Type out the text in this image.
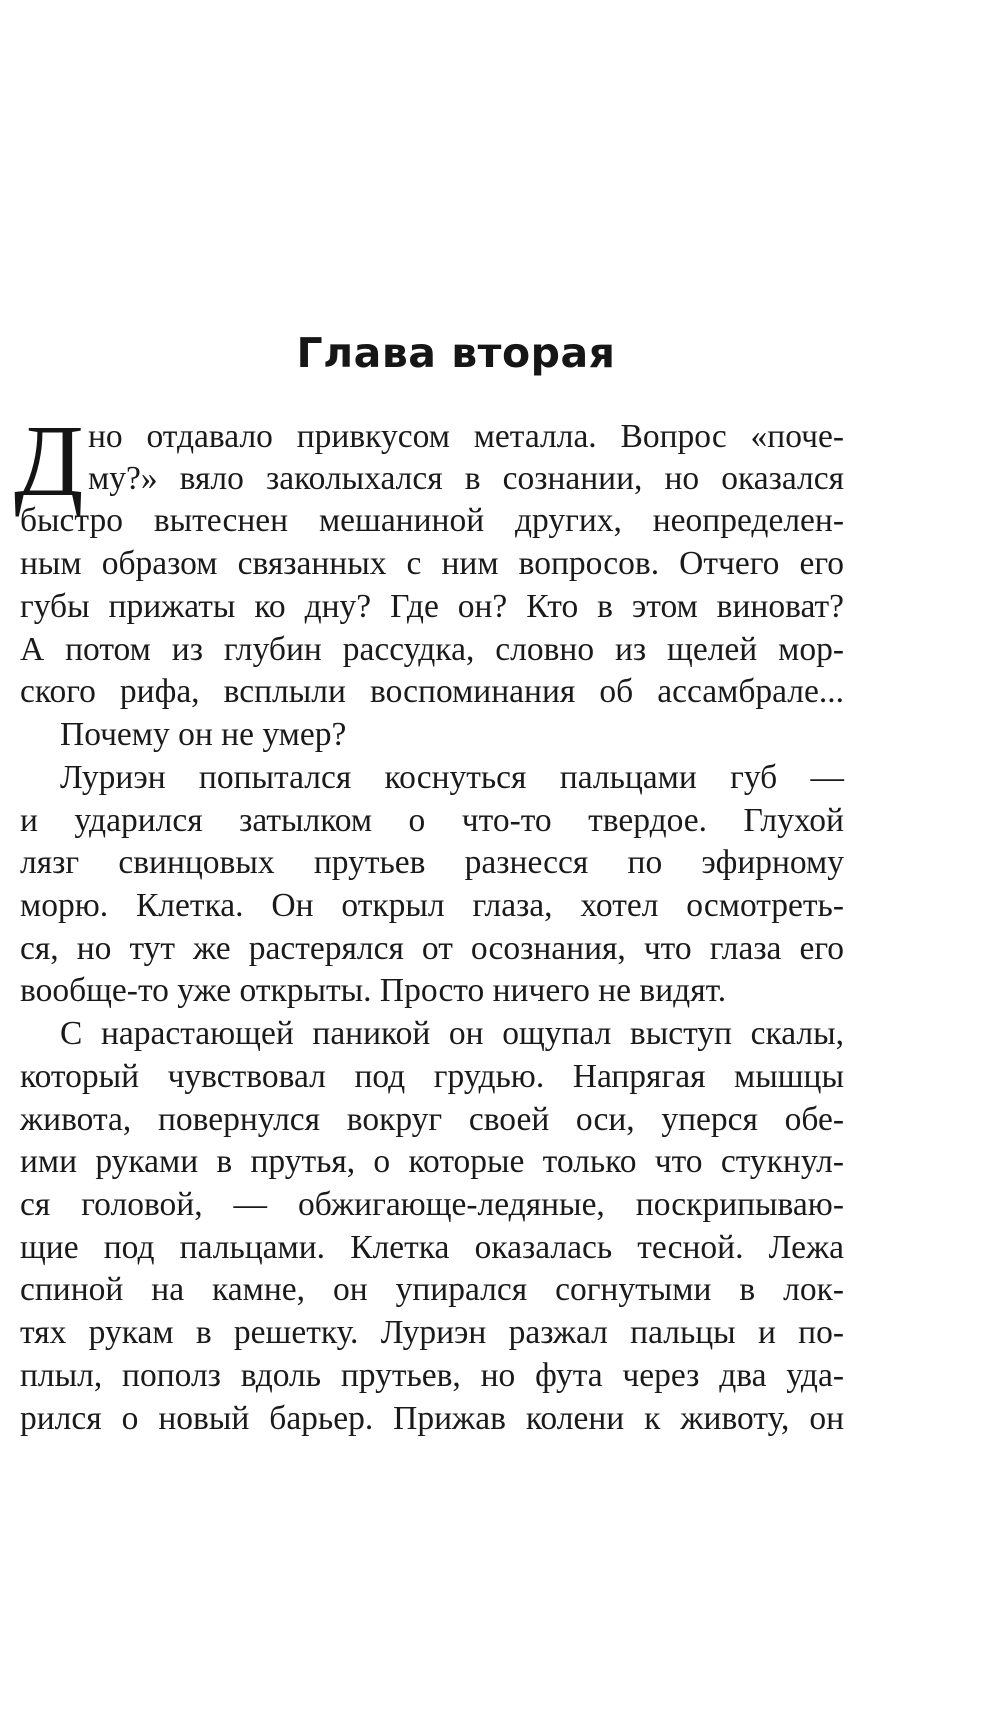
Глава вторая
Д но отдавало привкусом металла. Вопрос «поче-
му?» вяло заколыхался в сознании, но оказался
быстро вытеснен мешаниной других, неопределен-
ным образом связанных с ним вопросов. Отчего его
губы прижаты ко дну? Где он? Кто в этом виноват?
А потом из глубин рассудка, словно из щелей мор-
ского рифа, всплыли воспоминания об ассамбрале...
Почему он не умер?
Луриэн попытался коснуться пальцами губ —
и ударился затылком о что-то твердое. Глухой
лязг свинцовых прутьев разнесся по эфирному
морю. Клетка. Он открыл глаза, хотел осмотреть-
ся, но тут же растерялся от осознания, что глаза его
вообще-то уже открыты. Просто ничего не видят.
С нарастающей паникой он ощупал выступ скалы,
который чувствовал под грудью. Напрягая мышцы
живота, повернулся вокруг своей оси, уперся обе-
ими руками в прутья, о которые только что стукнул-
ся головой, — обжигающе-ледяные, поскрипываю-
щие под пальцами. Клетка оказалась тесной. Лежа
спиной на камне, он упирался согнутыми в лок-
тях рукам в решетку. Луриэн разжал пальцы и по-
плыл, пополз вдоль прутьев, но фута через два уда-
рился о новый барьер. Прижав колени к животу, он
